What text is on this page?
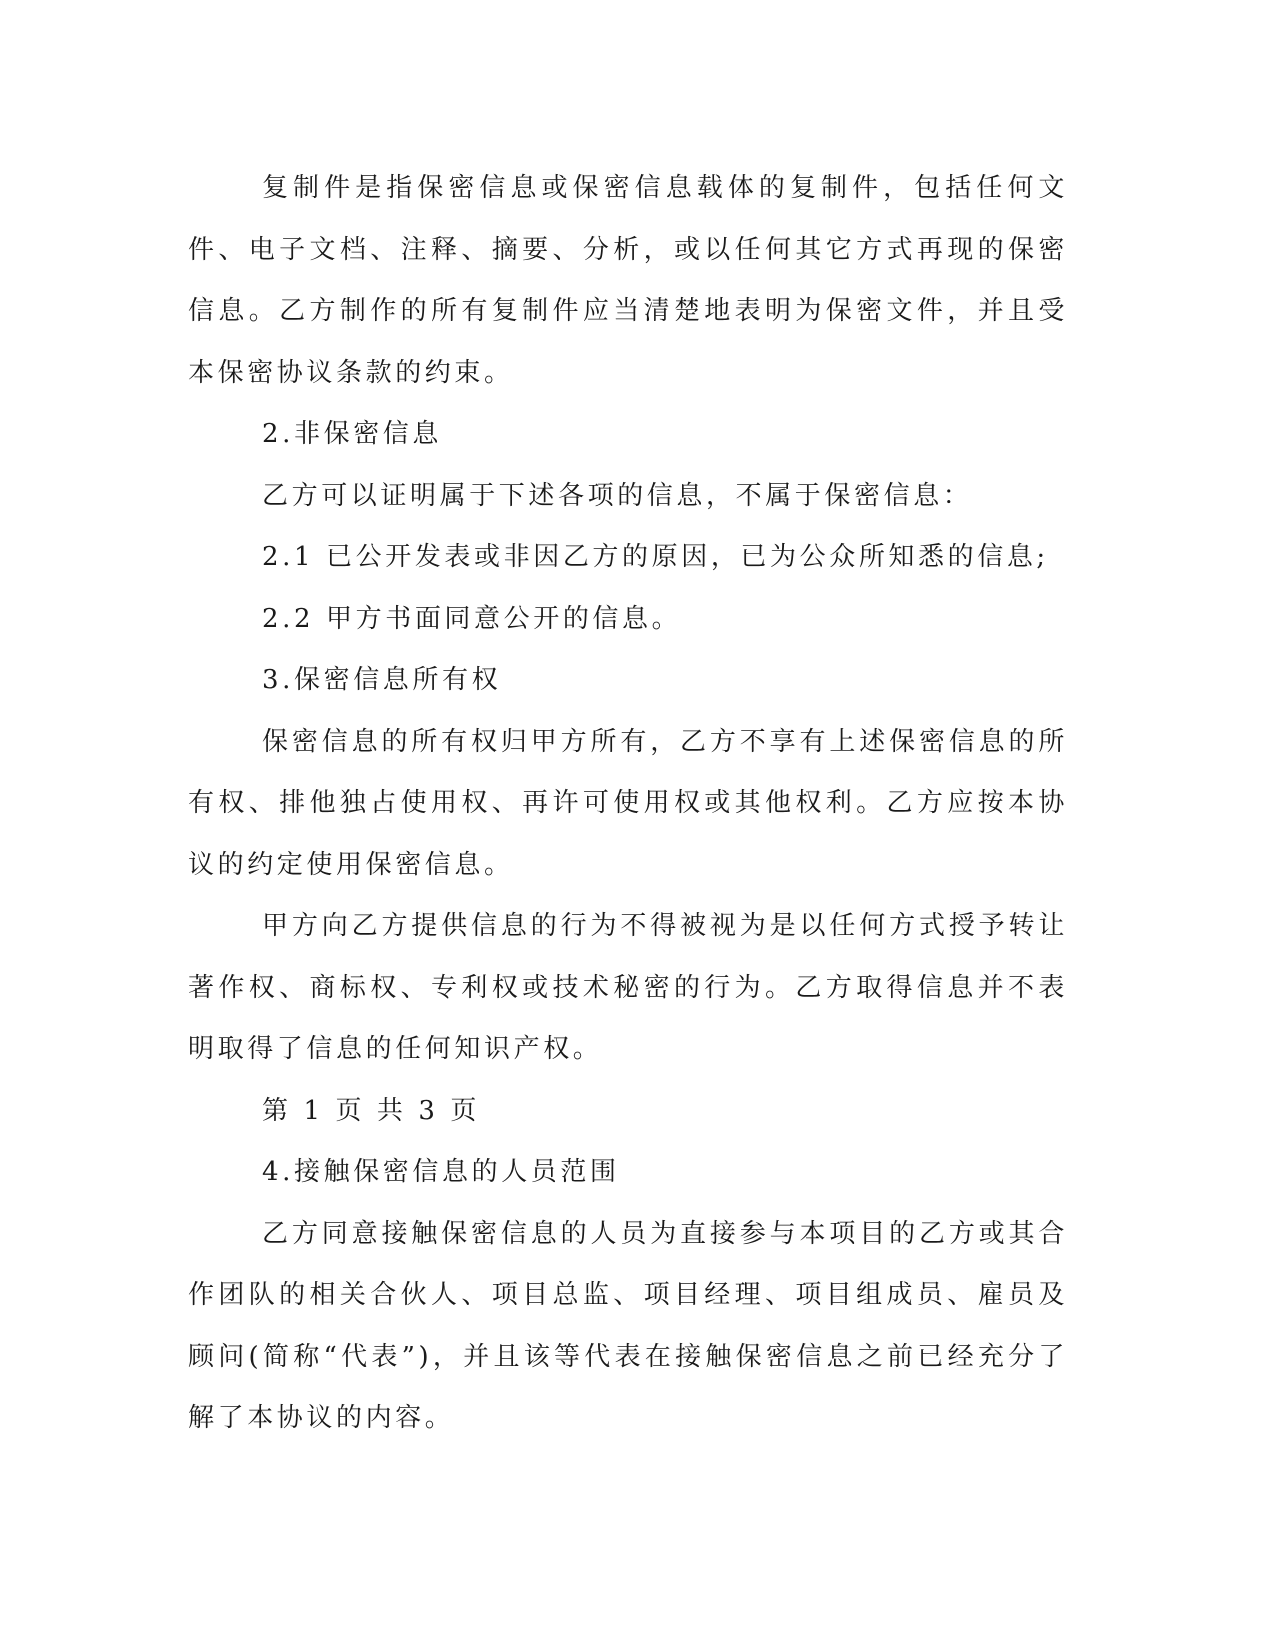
复制件是指保密信息或保密信息载体的复制件，包括任何文件、电子文档、注释、摘要、分析，或以任何其它方式再现的保密信息。乙方制作的所有复制件应当清楚地表明为保密文件，并且受本保密协议条款的约束。

2.非保密信息

乙方可以证明属于下述各项的信息，不属于保密信息：

2.1 已公开发表或非因乙方的原因，已为公众所知悉的信息;

2.2 甲方书面同意公开的信息。

3.保密信息所有权

保密信息的所有权归甲方所有，乙方不享有上述保密信息的所有权、排他独占使用权、再许可使用权或其他权利。乙方应按本协议的约定使用保密信息。

甲方向乙方提供信息的行为不得被视为是以任何方式授予转让著作权、商标权、专利权或技术秘密的行为。乙方取得信息并不表明取得了信息的任何知识产权。

第 1 页 共 3 页

4.接触保密信息的人员范围

乙方同意接触保密信息的人员为直接参与本项目的乙方或其合作团队的相关合伙人、项目总监、项目经理、项目组成员、雇员及顾问(简称“代表”)，并且该等代表在接触保密信息之前已经充分了解了本协议的内容。
